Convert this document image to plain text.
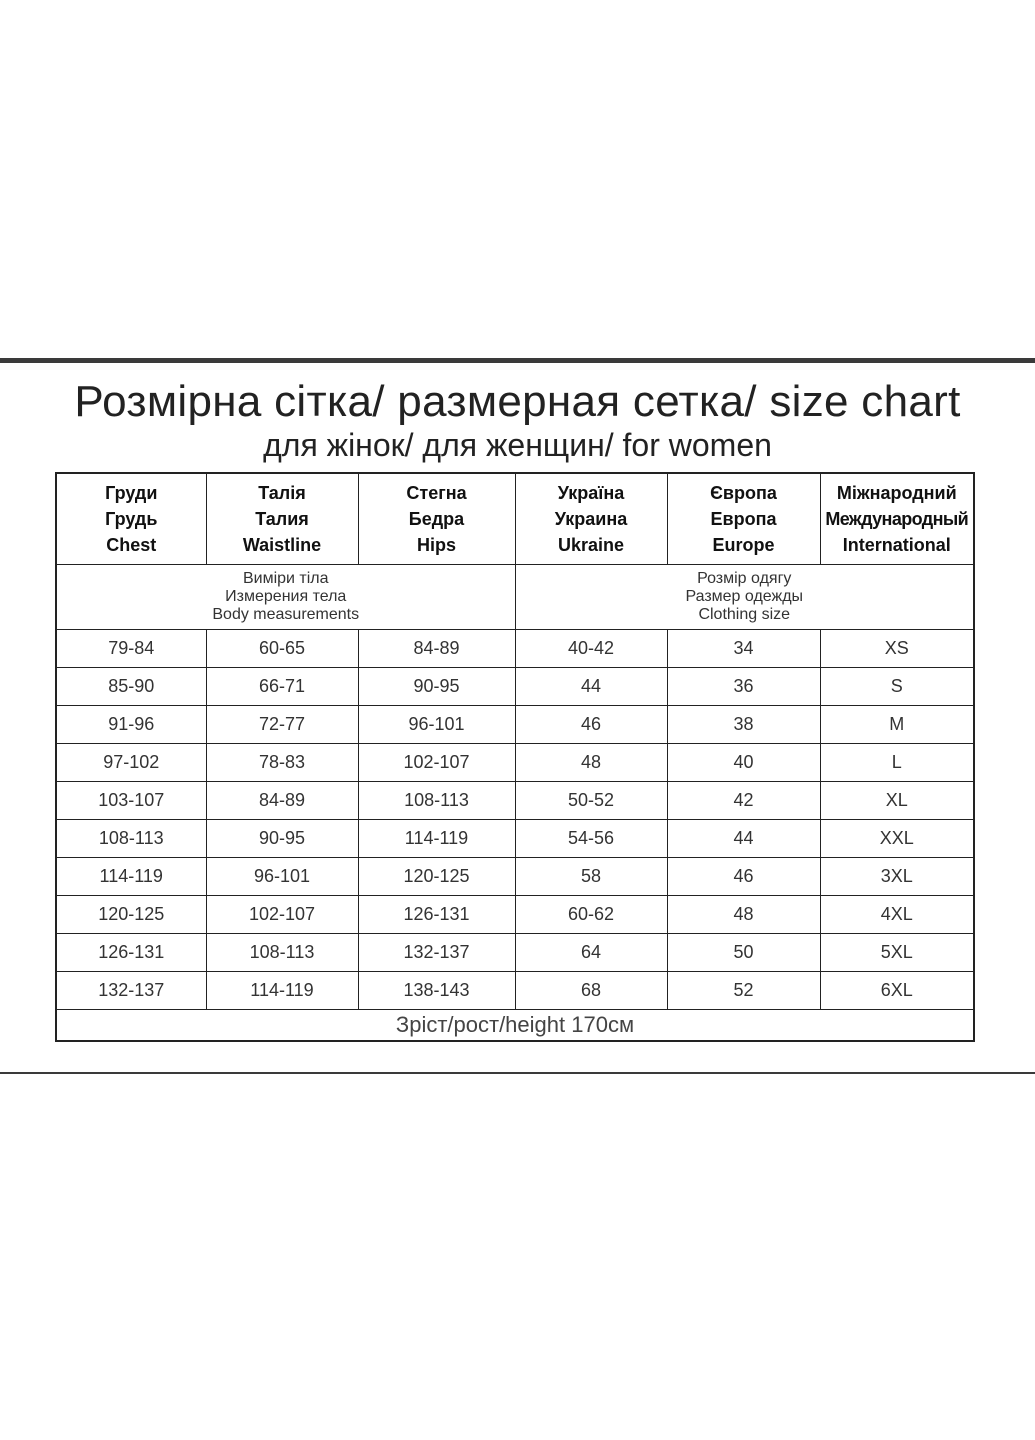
Розмірна сітка/ размерная сетка/ size chart
для жінок/ для женщин/ for women
Груди
Грудь
Chest	Талія
Талия
Waistline	Стегна
Бедра
Hips	Україна
Украина
Ukraine	Європа
Европа
Europe	Міжнародний
Международный
International

Виміри тіла
Измерения тела
Body measurements			Розмір одягу
Размер одежды
Clothing size		

79-84	60-65	84-89	40-42	34	XS
85-90	66-71	90-95	44	36	S
91-96	72-77	96-101	46	38	M
97-102	78-83	102-107	48	40	L
103-107	84-89	108-113	50-52	42	XL
108-113	90-95	114-119	54-56	44	XXL
114-119	96-101	120-125	58	46	3XL
120-125	102-107	126-131	60-62	48	4XL
126-131	108-113	132-137	64	50	5XL
132-137	114-119	138-143	68	52	6XL
Зрiст/рост/height 170см					
